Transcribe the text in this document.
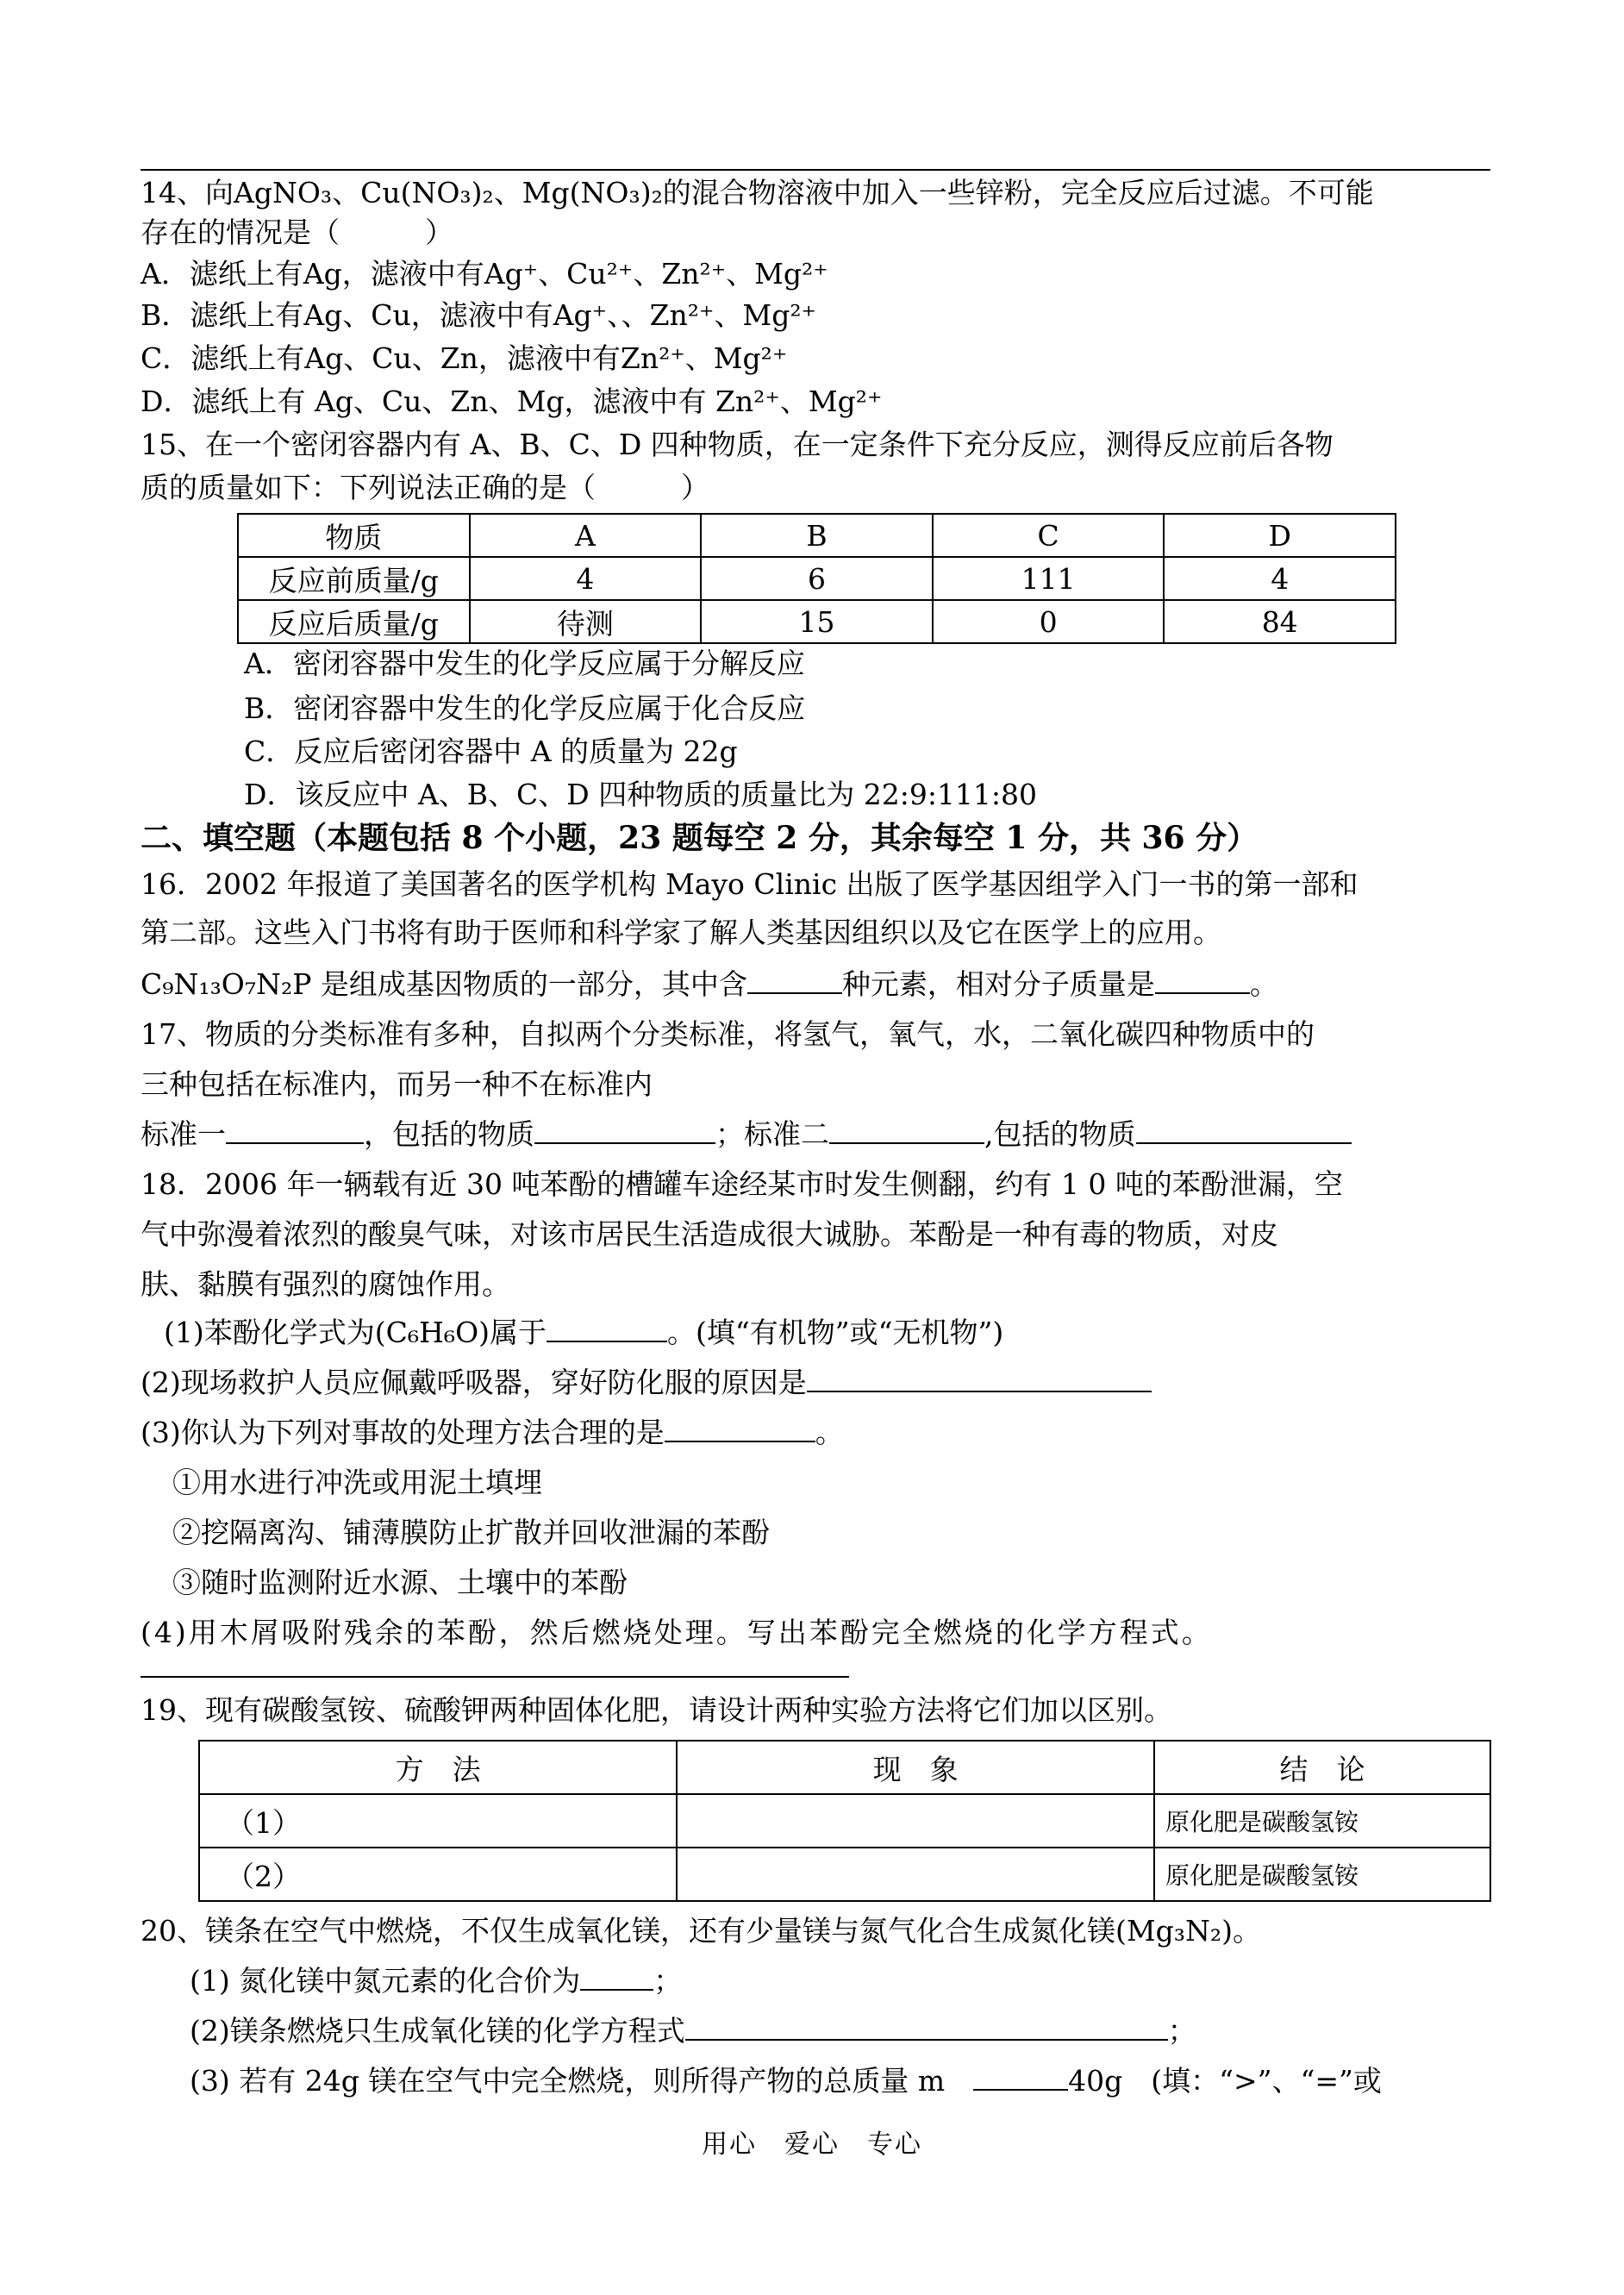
14、向AgNO₃、Cu(NO₃)₂、Mg(NO₃)₂的混合物溶液中加入一些锌粉，完全反应后过滤。不可能
存在的情况是（　　　）
A．滤纸上有Ag，滤液中有Ag⁺、Cu²⁺、Zn²⁺、Mg²⁺
B．滤纸上有Ag、Cu，滤液中有Ag⁺、、Zn²⁺、Mg²⁺
C．滤纸上有Ag、Cu、Zn，滤液中有Zn²⁺、Mg²⁺
D．滤纸上有 Ag、Cu、Zn、Mg，滤液中有 Zn²⁺、Mg²⁺
15、在一个密闭容器内有 A、B、C、D 四种物质，在一定条件下充分反应，测得反应前后各物
质的质量如下：下列说法正确的是（　　　）
物质	A	B	C	D
反应前质量/g	4	6	111	4
反应后质量/g	待测	15	0	84
A．密闭容器中发生的化学反应属于分解反应
B．密闭容器中发生的化学反应属于化合反应
C．反应后密闭容器中 A 的质量为 22g
D．该反应中 A、B、C、D 四种物质的质量比为 22:9:111:80
二、填空题（本题包括 8 个小题，23 题每空 2 分，其余每空 1 分，共 36 分）
16．2002 年报道了美国著名的医学机构 Mayo Clinic 出版了医学基因组学入门一书的第一部和
第二部。这些入门书将有助于医师和科学家了解人类基因组织以及它在医学上的应用。
C₉N₁₃O₇N₂P 是组成基因物质的一部分，其中含	种元素，相对分子质量是	。
17、物质的分类标准有多种，自拟两个分类标准，将氢气，氧气，水，二氧化碳四种物质中的
三种包括在标准内，而另一种不在标准内
标准一	，包括的物质	；标准二	,包括的物质
18．2006 年一辆载有近 30 吨苯酚的槽罐车途经某市时发生侧翻，约有 1 0 吨的苯酚泄漏，空
气中弥漫着浓烈的酸臭气味，对该市居民生活造成很大诚胁。苯酚是一种有毒的物质，对皮
肤、黏膜有强烈的腐蚀作用。
(1)苯酚化学式为(C₆H₆O)属于	。(填“有机物”或“无机物”)
(2)现场救护人员应佩戴呼吸器，穿好防化服的原因是
(3)你认为下列对事故的处理方法合理的是	。
①用水进行冲洗或用泥土填埋
②挖隔离沟、铺薄膜防止扩散并回收泄漏的苯酚
③随时监测附近水源、土壤中的苯酚
(4)用木屑吸附残余的苯酚，然后燃烧处理。写出苯酚完全燃烧的化学方程式。
19、现有碳酸氢铵、硫酸钾两种固体化肥，请设计两种实验方法将它们加以区别。
方　法	现　象	结　论
（1）		原化肥是碳酸氢铵
（2）		原化肥是碳酸氢铵
20、镁条在空气中燃烧，不仅生成氧化镁，还有少量镁与氮气化合生成氮化镁(Mg₃N₂)。
(1) 氮化镁中氮元素的化合价为	；
(2)镁条燃烧只生成氧化镁的化学方程式	；
(3) 若有 24g 镁在空气中完全燃烧，则所得产物的总质量 m　	40g　(填：“>”、“=”或
用心　爱心　专心
